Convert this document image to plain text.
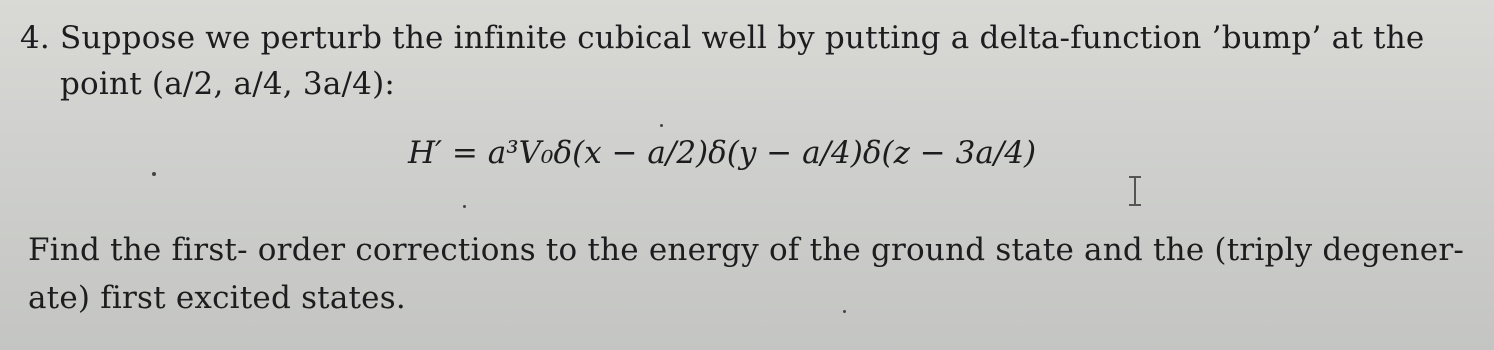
4. Suppose we perturb the infinite cubical well by putting a delta-function ’bump’ at the
point (a/2, a/4, 3a/4):
H′ = a³V₀δ(x − a/2)δ(y − a/4)δ(z − 3a/4)
Find the first- order corrections to the energy of the ground state and the (triply degener-
ate) first excited states.
